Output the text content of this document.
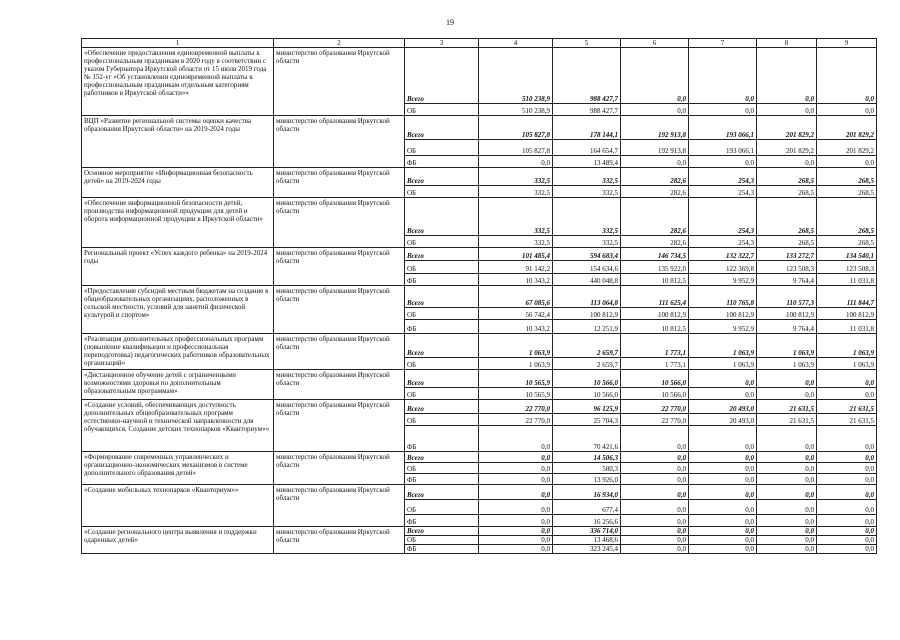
19
1	2	3	4	5	6	7	8	9
«Обеспечение предоставления единовременной выплаты к профессиональным праздникам в 2020 году в соответствии с указом Губернатора Иркутской области от 15 июля 2019 года № 152-уг «Об установлении единовременной выплаты к профессиональным праздникам отдельным категориям работников в Иркутской области»»	министерство образования Иркутской области	Всего	510 238,9	988 427,7	0,0	0,0	0,0	0,0
		ОБ	510 238,9	988 427,7	0,0	0,0	0,0	0,0
ВЦП «Развитие региональной системы оценки качества образования Иркутской области» на 2019-2024 годы	министерство образования Иркутской области	Всего	105 827,8	178 144,1	192 913,8	193 066,1	201 829,2	201 829,2
		ОБ	105 827,8	164 654,7	192 913,8	193 066,1	201 829,2	201 829,2
		ФБ	0,0	13 489,4	0,0	0,0	0,0	0,0
Основное мероприятие «Информационная безопасность детей» на 2019-2024 годы	министерство образования Иркутской области	Всего	332,5	332,5	282,6	254,3	268,5	268,5
		ОБ	332,5	332,5	282,6	254,3	268,5	268,5
«Обеспечение информационной безопасности детей, производства информационной продукции для детей и оборота информационной продукции в Иркутской области»	министерство образования Иркутской области	Всего	332,5	332,5	282,6	254,3	268,5	268,5
		ОБ	332,5	332,5	282,6	254,3	268,5	268,5
Региональный проект «Успех каждого ребенка» на 2019-2024 годы	министерство образования Иркутской области	Всего	101 485,4	594 683,4	146 734,5	132 322,7	133 272,7	134 540,1
		ОБ	91 142,2	154 634,6	135 922,0	122 369,8	123 508,3	123 508,3
		ФБ	10 343,2	440 048,8	10 812,5	9 952,9	9 764,4	11 031,8
«Предоставление субсидий местным бюджетам на создание в общеобразовательных организациях, расположенных в сельской местности, условий для занятий физической культурой и спортом»	министерство образования Иркутской области	Всего	67 085,6	113 064,8	111 625,4	110 765,8	110 577,3	111 844,7
		ОБ	56 742,4	100 812,9	100 812,9	100 812,9	100 812,9	100 812,9
		ФБ	10 343,2	12 251,9	10 812,5	9 952,9	9 764,4	11 031,8
«Реализация дополнительных профессиональных программ (повышение квалификации и профессиональная переподготовка) педагогических работников образовательных организаций»	министерство образования Иркутской области	Всего	1 063,9	2 659,7	1 773,1	1 063,9	1 063,9	1 063,9
		ОБ	1 063,9	2 659,7	1 773,1	1 063,9	1 063,9	1 063,9
«Дистанционное обучение детей с ограниченными возможностями здоровья по дополнительным образовательным программам»	министерство образования Иркутской области	Всего	10 565,9	10 566,0	10 566,0	0,0	0,0	0,0
		ОБ	10 565,9	10 566,0	10 566,0	0,0	0,0	0,0
«Создание условий, обеспечивающих доступность дополнительных общеобразовательных программ естественно-научной и технической направленности для обучающихся. Создание детских технопарков «Кванториум»»	министерство образования Иркутской области	Всего	22 770,0	96 125,9	22 770,0	20 493,0	21 631,5	21 631,5
		ОБ	22 770,0	25 704,3	22 770,0	20 493,0	21 631,5	21 631,5
		ФБ	0,0	70 421,6	0,0	0,0	0,0	0,0
«Формирование современных управленческих и организационно-экономических механизмов в системе дополнительного образования детей»	министерство образования Иркутской области	Всего	0,0	14 506,3	0,0	0,0	0,0	0,0
		ОБ	0,0	580,3	0,0	0,0	0,0	0,0
		ФБ	0,0	13 926,0	0,0	0,0	0,0	0,0
«Создание мобильных технопарков «Кванториум»»	министерство образования Иркутской области	Всего	0,0	16 934,0	0,0	0,0	0,0	0,0
		ОБ	0,0	677,4	0,0	0,0	0,0	0,0
		ФБ	0,0	16 256,6	0,0	0,0	0,0	0,0
«Создание регионального центра выявления и поддержки одаренных детей»	министерство образования Иркутской области	Всего	0,0	336 714,0	0,0	0,0	0,0	0,0
		ОБ	0,0	13 468,6	0,0	0,0	0,0	0,0
		ФБ	0,0	323 245,4	0,0	0,0	0,0	0,0
